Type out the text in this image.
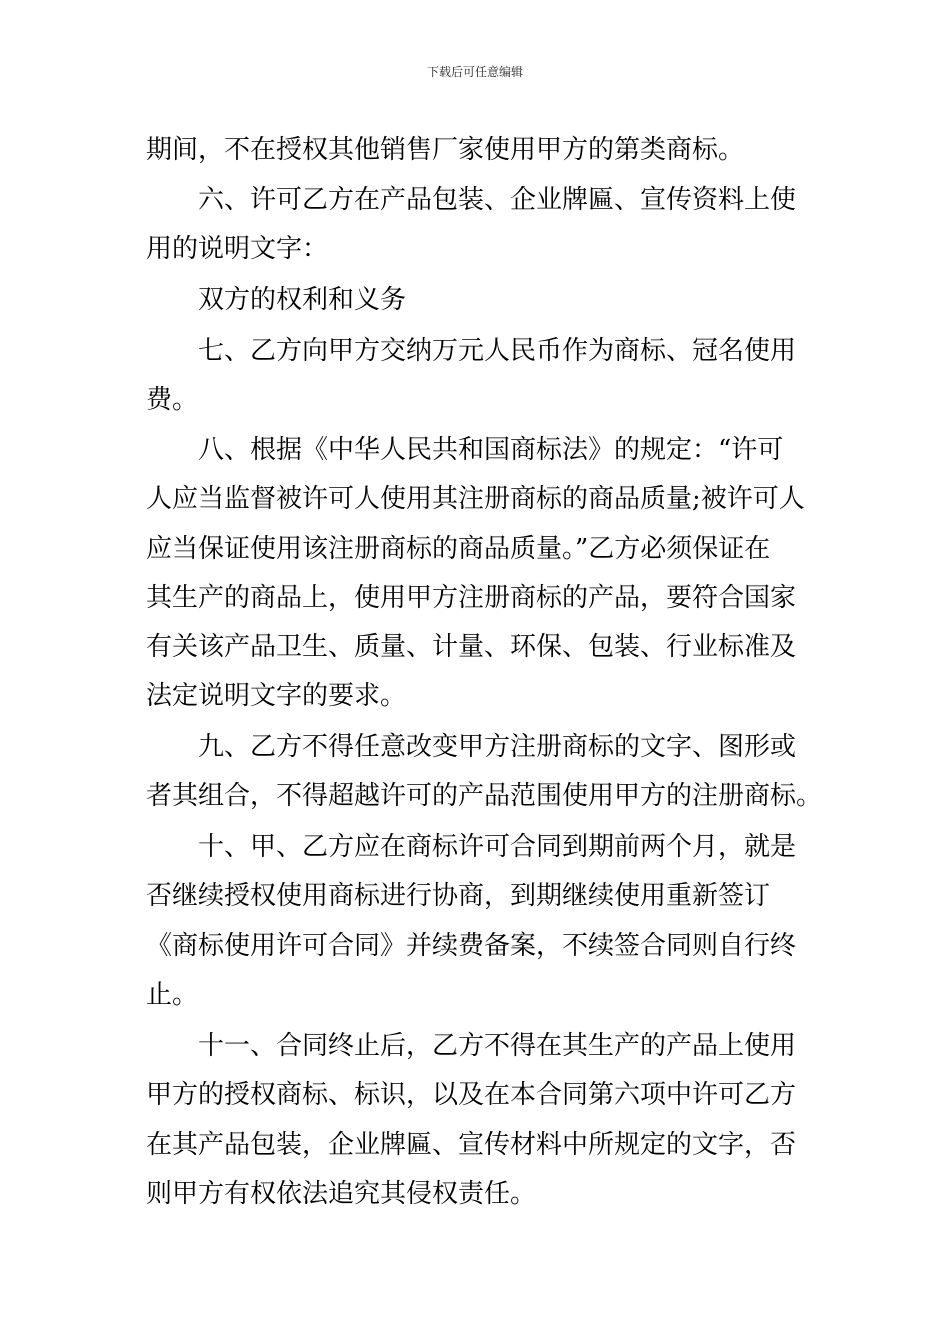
下载后可任意编辑
期间，不在授权其他销售厂家使用甲方的第类商标。
六、许可乙方在产品包装、企业牌匾、宣传资料上使
用的说明文字：
双方的权利和义务
七、乙方向甲方交纳万元人民币作为商标、冠名使用
费。
八、根据《中华人民共和国商标法》的规定：“许可
人应当监督被许可人使用其注册商标的商品质量;被许可人
应当保证使用该注册商标的商品质量。”乙方必须保证在
其生产的商品上，使用甲方注册商标的产品，要符合国家
有关该产品卫生、质量、计量、环保、包装、行业标准及
法定说明文字的要求。
九、乙方不得任意改变甲方注册商标的文字、图形或
者其组合，不得超越许可的产品范围使用甲方的注册商标。
十、甲、乙方应在商标许可合同到期前两个月，就是
否继续授权使用商标进行协商，到期继续使用重新签订
《商标使用许可合同》并续费备案，不续签合同则自行终
止。
十一、合同终止后，乙方不得在其生产的产品上使用
甲方的授权商标、标识，以及在本合同第六项中许可乙方
在其产品包装，企业牌匾、宣传材料中所规定的文字，否
则甲方有权依法追究其侵权责任。
